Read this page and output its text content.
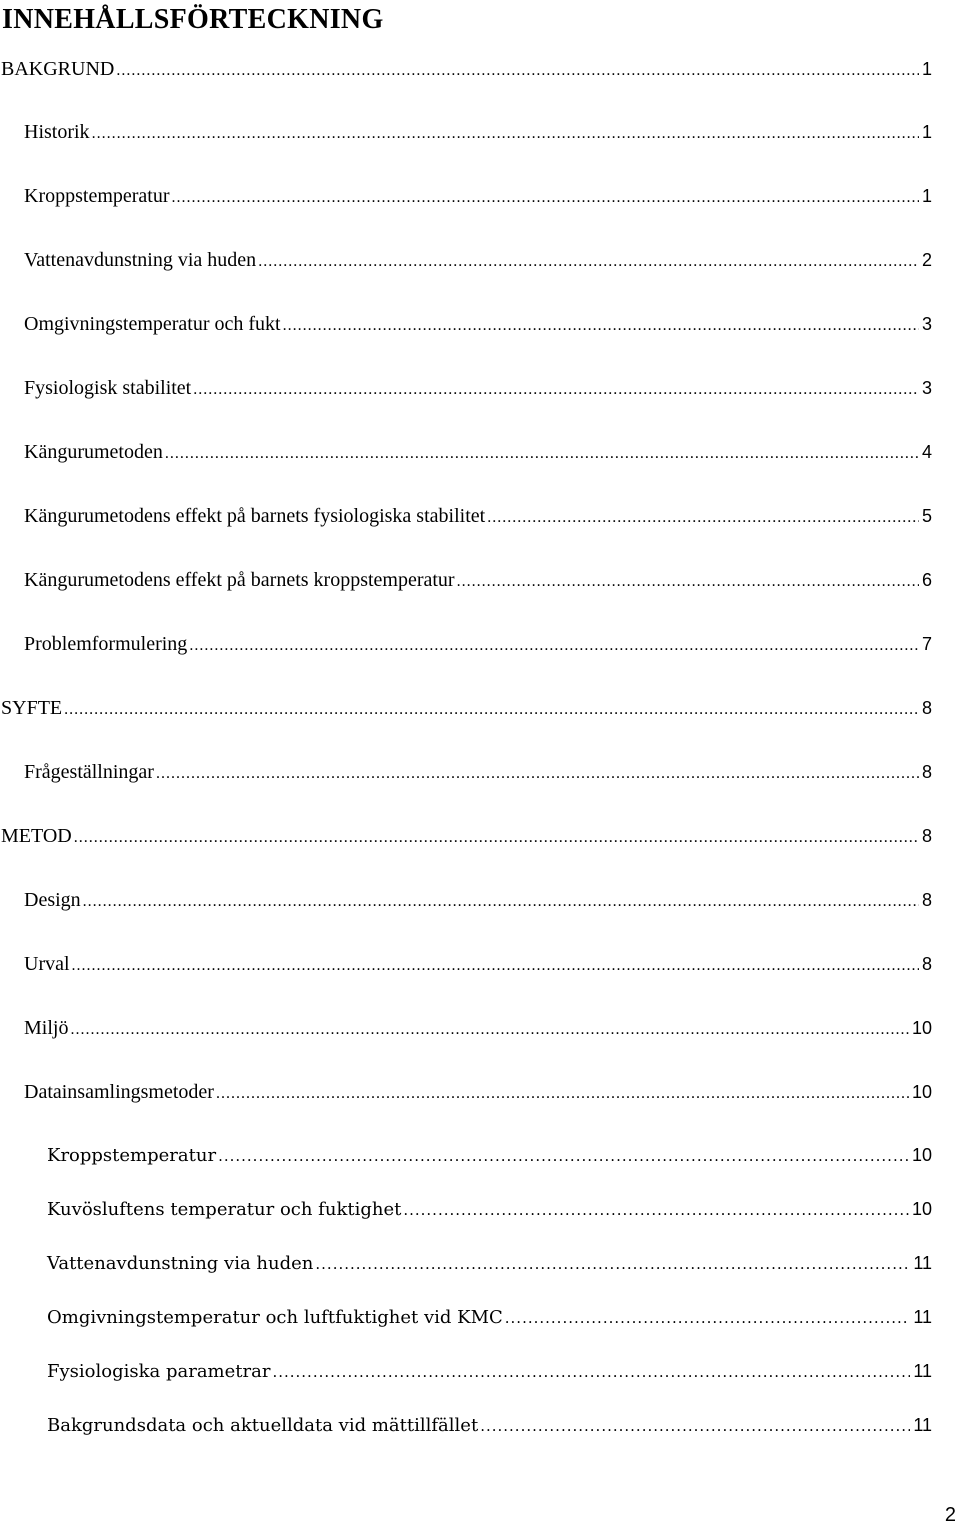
INNEHÅLLSFÖRTECKNING
BAKGRUND .....	1
Historik .....	1
Kroppstemperatur .....	1
Vattenavdunstning via huden .....	2
Omgivningstemperatur och fukt .....	3
Fysiologisk stabilitet .....	3
Kängurumetoden .....	4
Kängurumetodens effekt på barnets fysiologiska stabilitet .....	5
Kängurumetodens effekt på barnets kroppstemperatur .....	6
Problemformulering .....	7
SYFTE .....	8
Frågeställningar .....	8
METOD .....	8
Design .....	8
Urval .....	8
Miljö .....	10
Datainsamlingsmetoder .....	10
Kroppstemperatur .....	10
Kuvösluftens temperatur och fuktighet .....	10
Vattenavdunstning via huden .....	11
Omgivningstemperatur och luftfuktighet vid KMC .....	11
Fysiologiska parametrar .....	11
Bakgrundsdata och aktuelldata vid mättillfället .....	11
2
